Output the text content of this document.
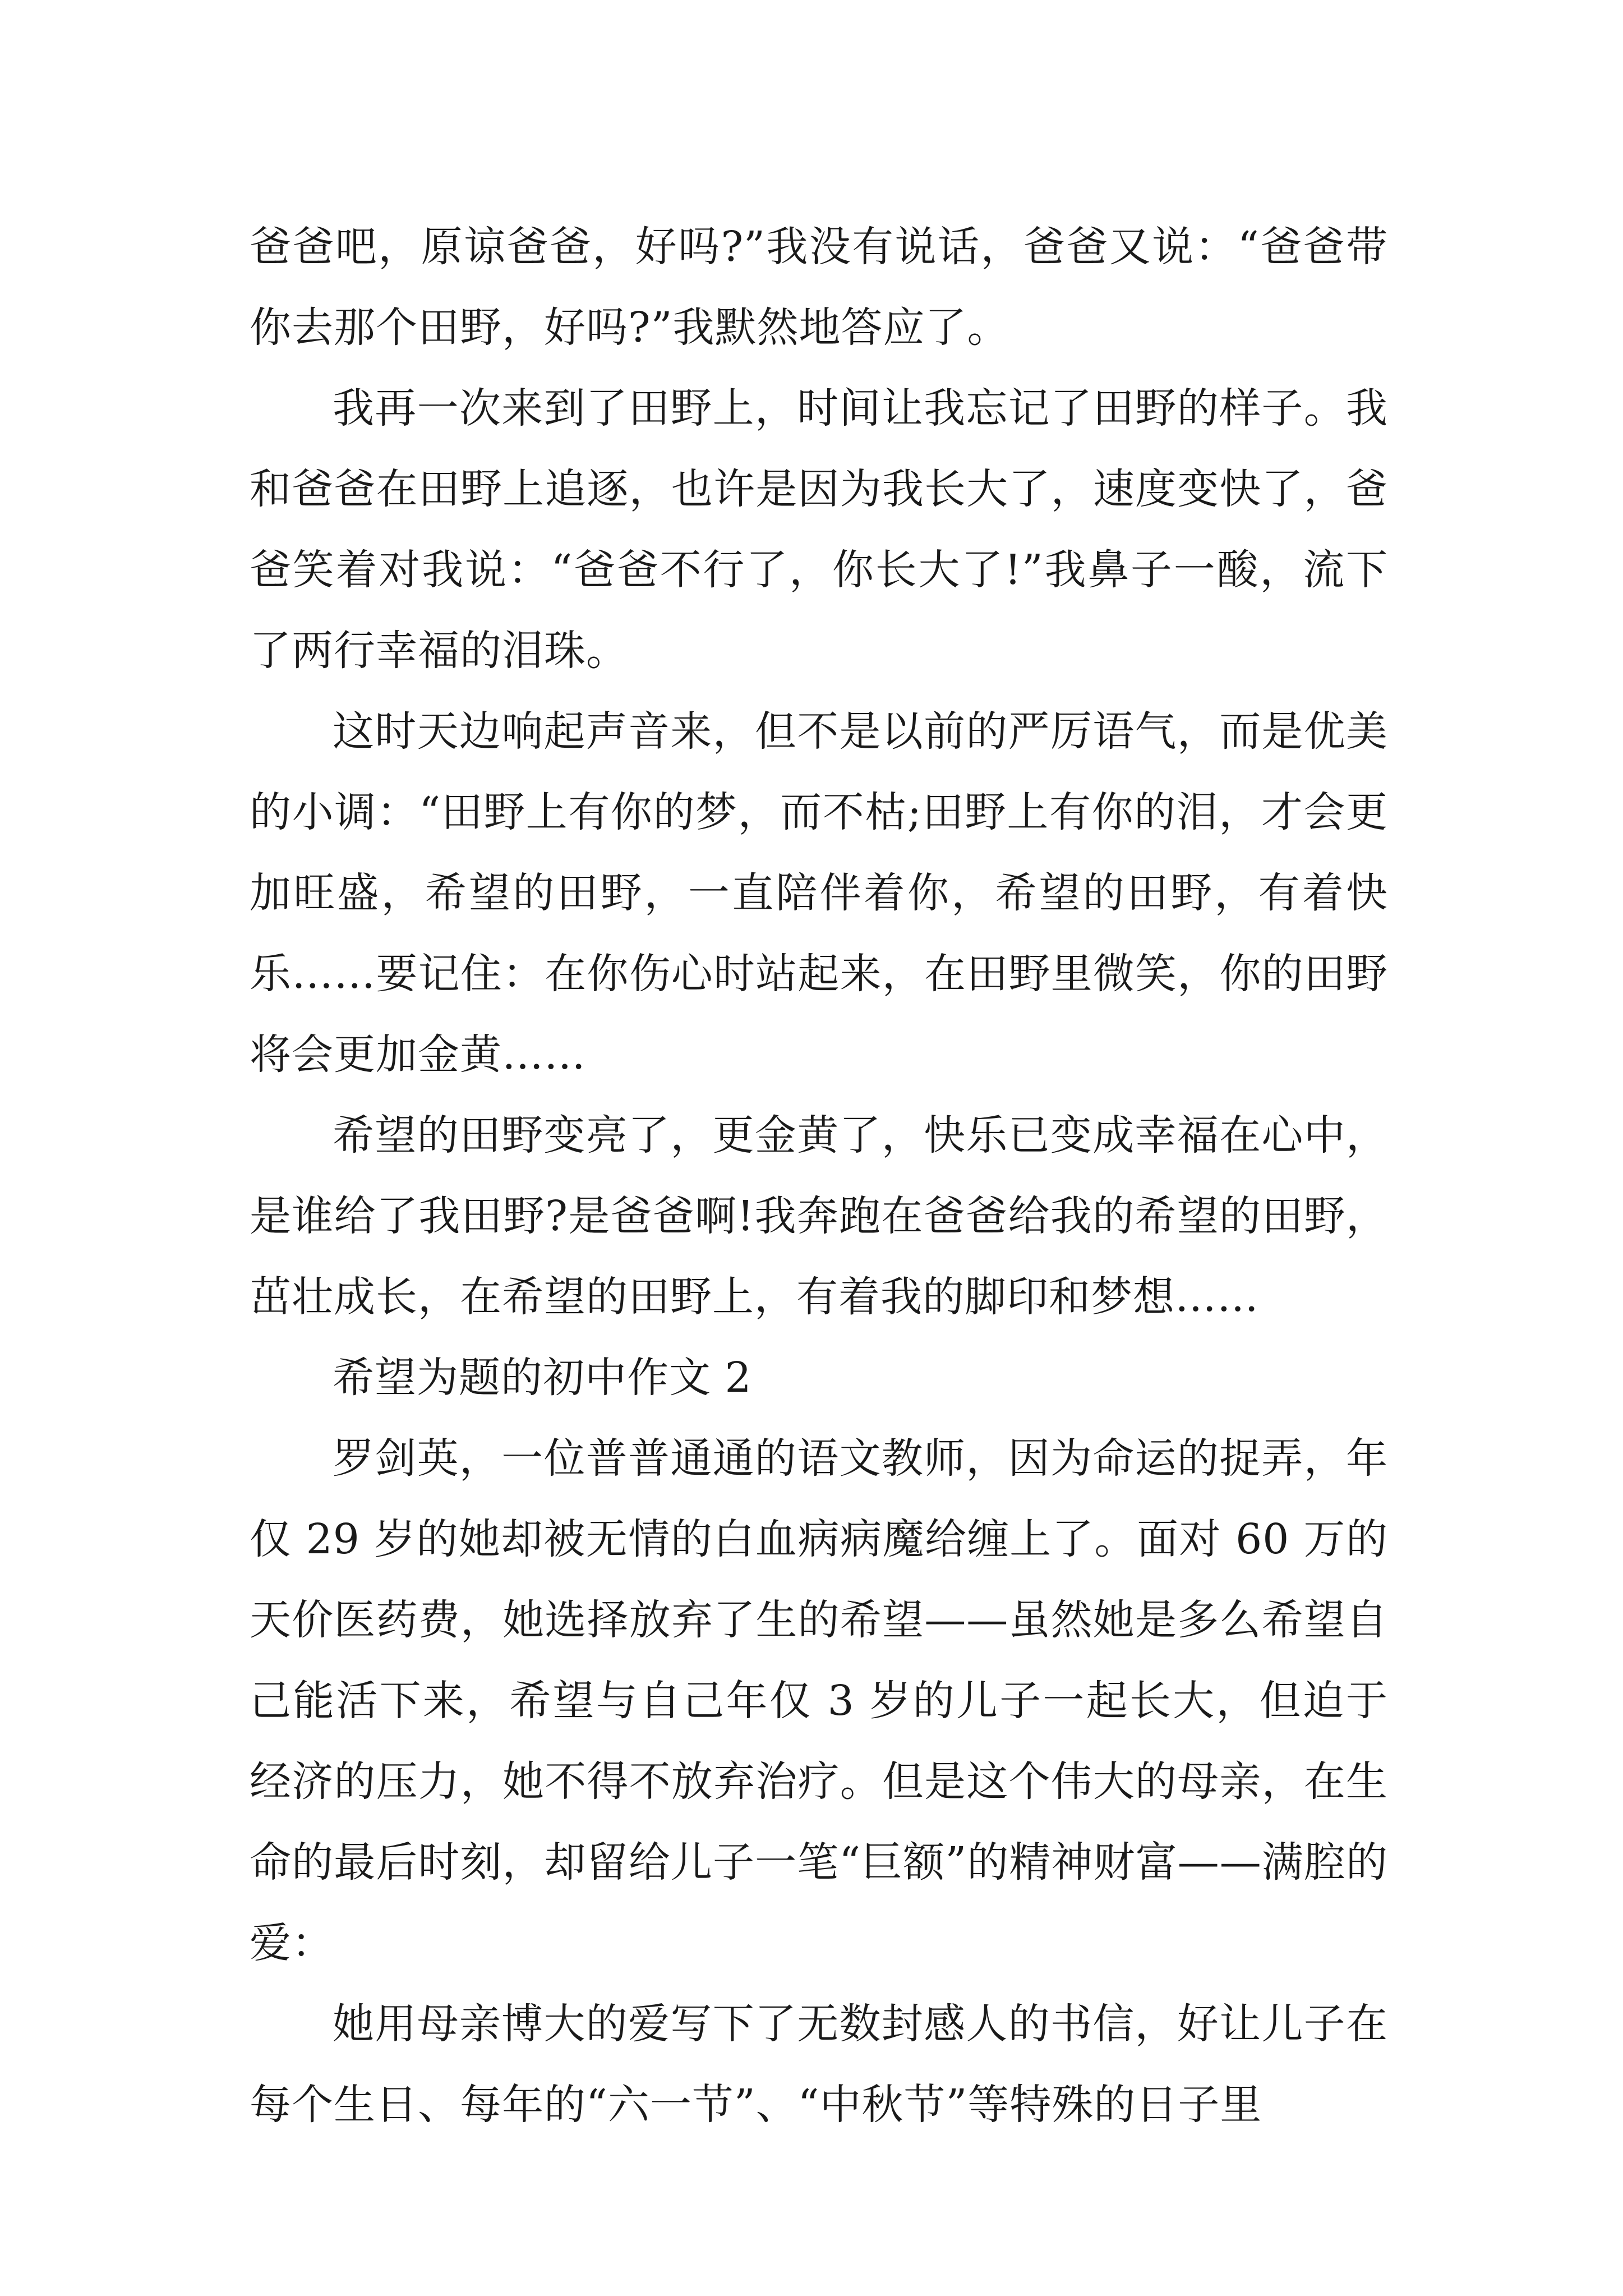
爸爸吧，原谅爸爸，好吗?”我没有说话，爸爸又说：“爸爸带你去那个田野，好吗?”我默然地答应了。

我再一次来到了田野上，时间让我忘记了田野的样子。我和爸爸在田野上追逐，也许是因为我长大了，速度变快了，爸爸笑着对我说：“爸爸不行了，你长大了!”我鼻子一酸，流下了两行幸福的泪珠。

这时天边响起声音来，但不是以前的严厉语气，而是优美的小调：“田野上有你的梦，而不枯;田野上有你的泪，才会更加旺盛，希望的田野，一直陪伴着你，希望的田野，有着快乐……要记住：在你伤心时站起来，在田野里微笑，你的田野将会更加金黄……

希望的田野变亮了，更金黄了，快乐已变成幸福在心中，是谁给了我田野?是爸爸啊!我奔跑在爸爸给我的希望的田野，茁壮成长，在希望的田野上，有着我的脚印和梦想……

希望为题的初中作文 2

罗剑英，一位普普通通的语文教师，因为命运的捉弄，年仅 29 岁的她却被无情的白血病病魔给缠上了。面对 60 万的天价医药费，她选择放弃了生的希望——虽然她是多么希望自己能活下来，希望与自己年仅 3 岁的儿子一起长大，但迫于经济的压力，她不得不放弃治疗。但是这个伟大的母亲，在生命的最后时刻，却留给儿子一笔“巨额”的精神财富——满腔的爱：

她用母亲博大的爱写下了无数封感人的书信，好让儿子在每个生日、每年的“六一节”、“中秋节”等特殊的日子里
